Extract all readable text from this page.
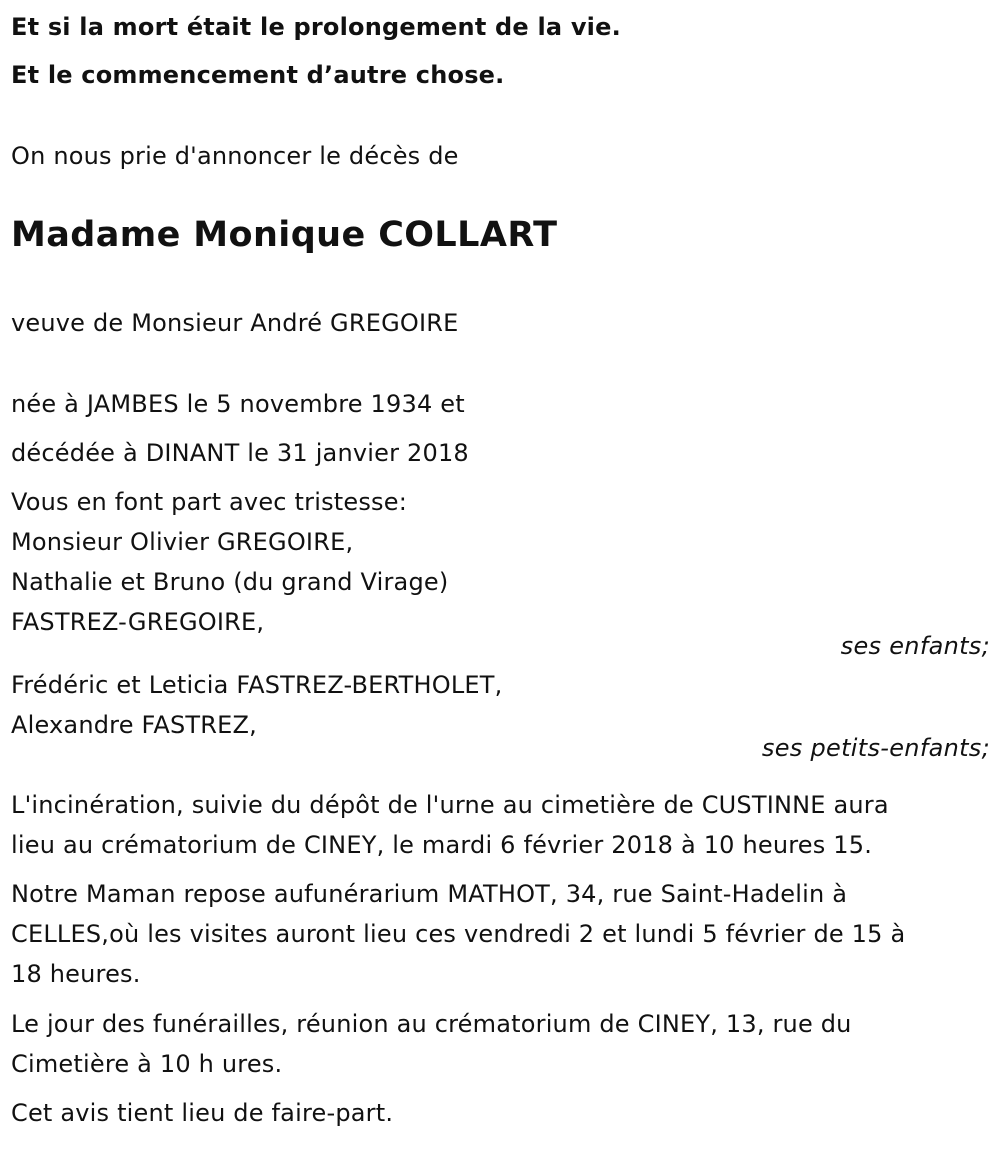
Et si la mort était le prolongement de la vie.
Et le commencement d’autre chose.
On nous prie d'annoncer le décès de
Madame Monique COLLART
veuve de Monsieur André GREGOIRE
née à JAMBES le 5 novembre 1934 et
décédée à DINANT le 31 janvier 2018
Vous en font part avec tristesse:
Monsieur Olivier GREGOIRE,
Nathalie et Bruno (du grand Virage)
FASTREZ-GREGOIRE,
ses enfants;
Frédéric et Leticia FASTREZ-BERTHOLET,
Alexandre FASTREZ,
ses petits-enfants;
L'incinération, suivie du dépôt de l'urne au cimetière de CUSTINNE aura
lieu au crématorium de CINEY, le mardi 6 février 2018 à 10 heures 15.
Notre Maman repose aufunérarium MATHOT, 34, rue Saint-Hadelin à
CELLES,où les visites auront lieu ces vendredi 2 et lundi 5 février de 15 à
18 heures.
Le jour des funérailles, réunion au crématorium de CINEY, 13, rue du
Cimetière à 10 h ures.
Cet avis tient lieu de faire-part.
